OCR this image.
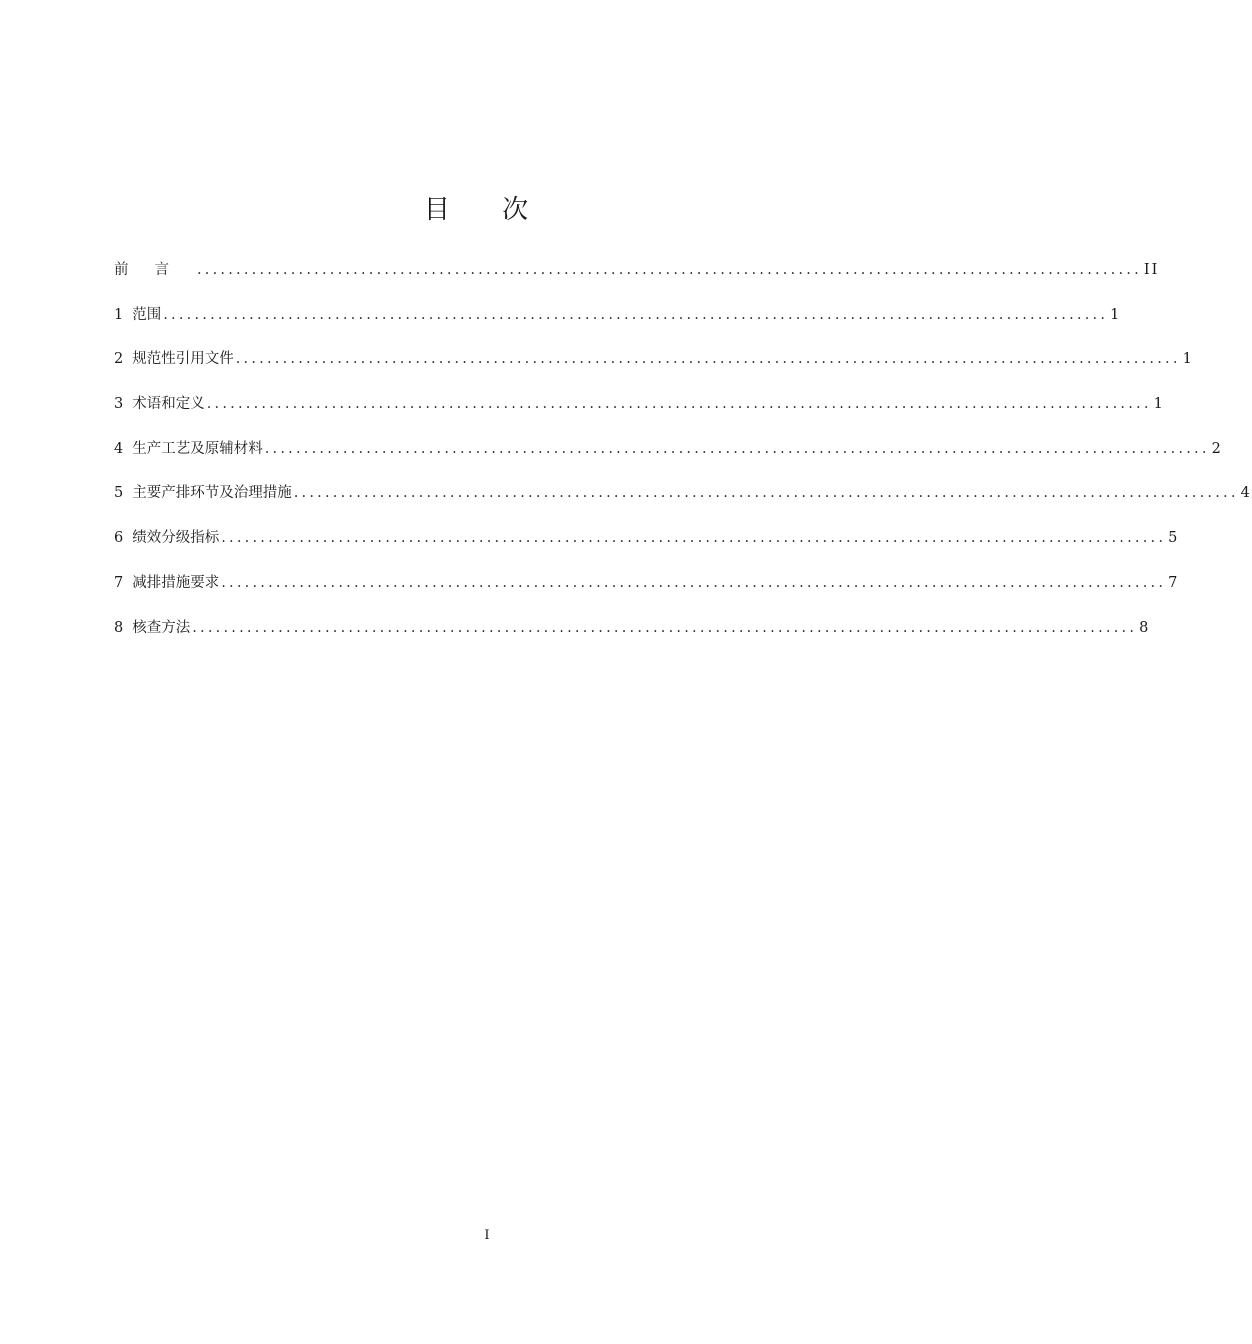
目 次
前言 ......................................................................................................................... II
1 范围 ......................................................................................................................... 1
2 规范性引用文件 ......................................................................................................................... 1
3 术语和定义 ......................................................................................................................... 1
4 生产工艺及原辅材料 ......................................................................................................................... 2
5 主要产排环节及治理措施 ......................................................................................................................... 4
6 绩效分级指标 ......................................................................................................................... 5
7 减排措施要求 ......................................................................................................................... 7
8 核查方法 ......................................................................................................................... 8
I
